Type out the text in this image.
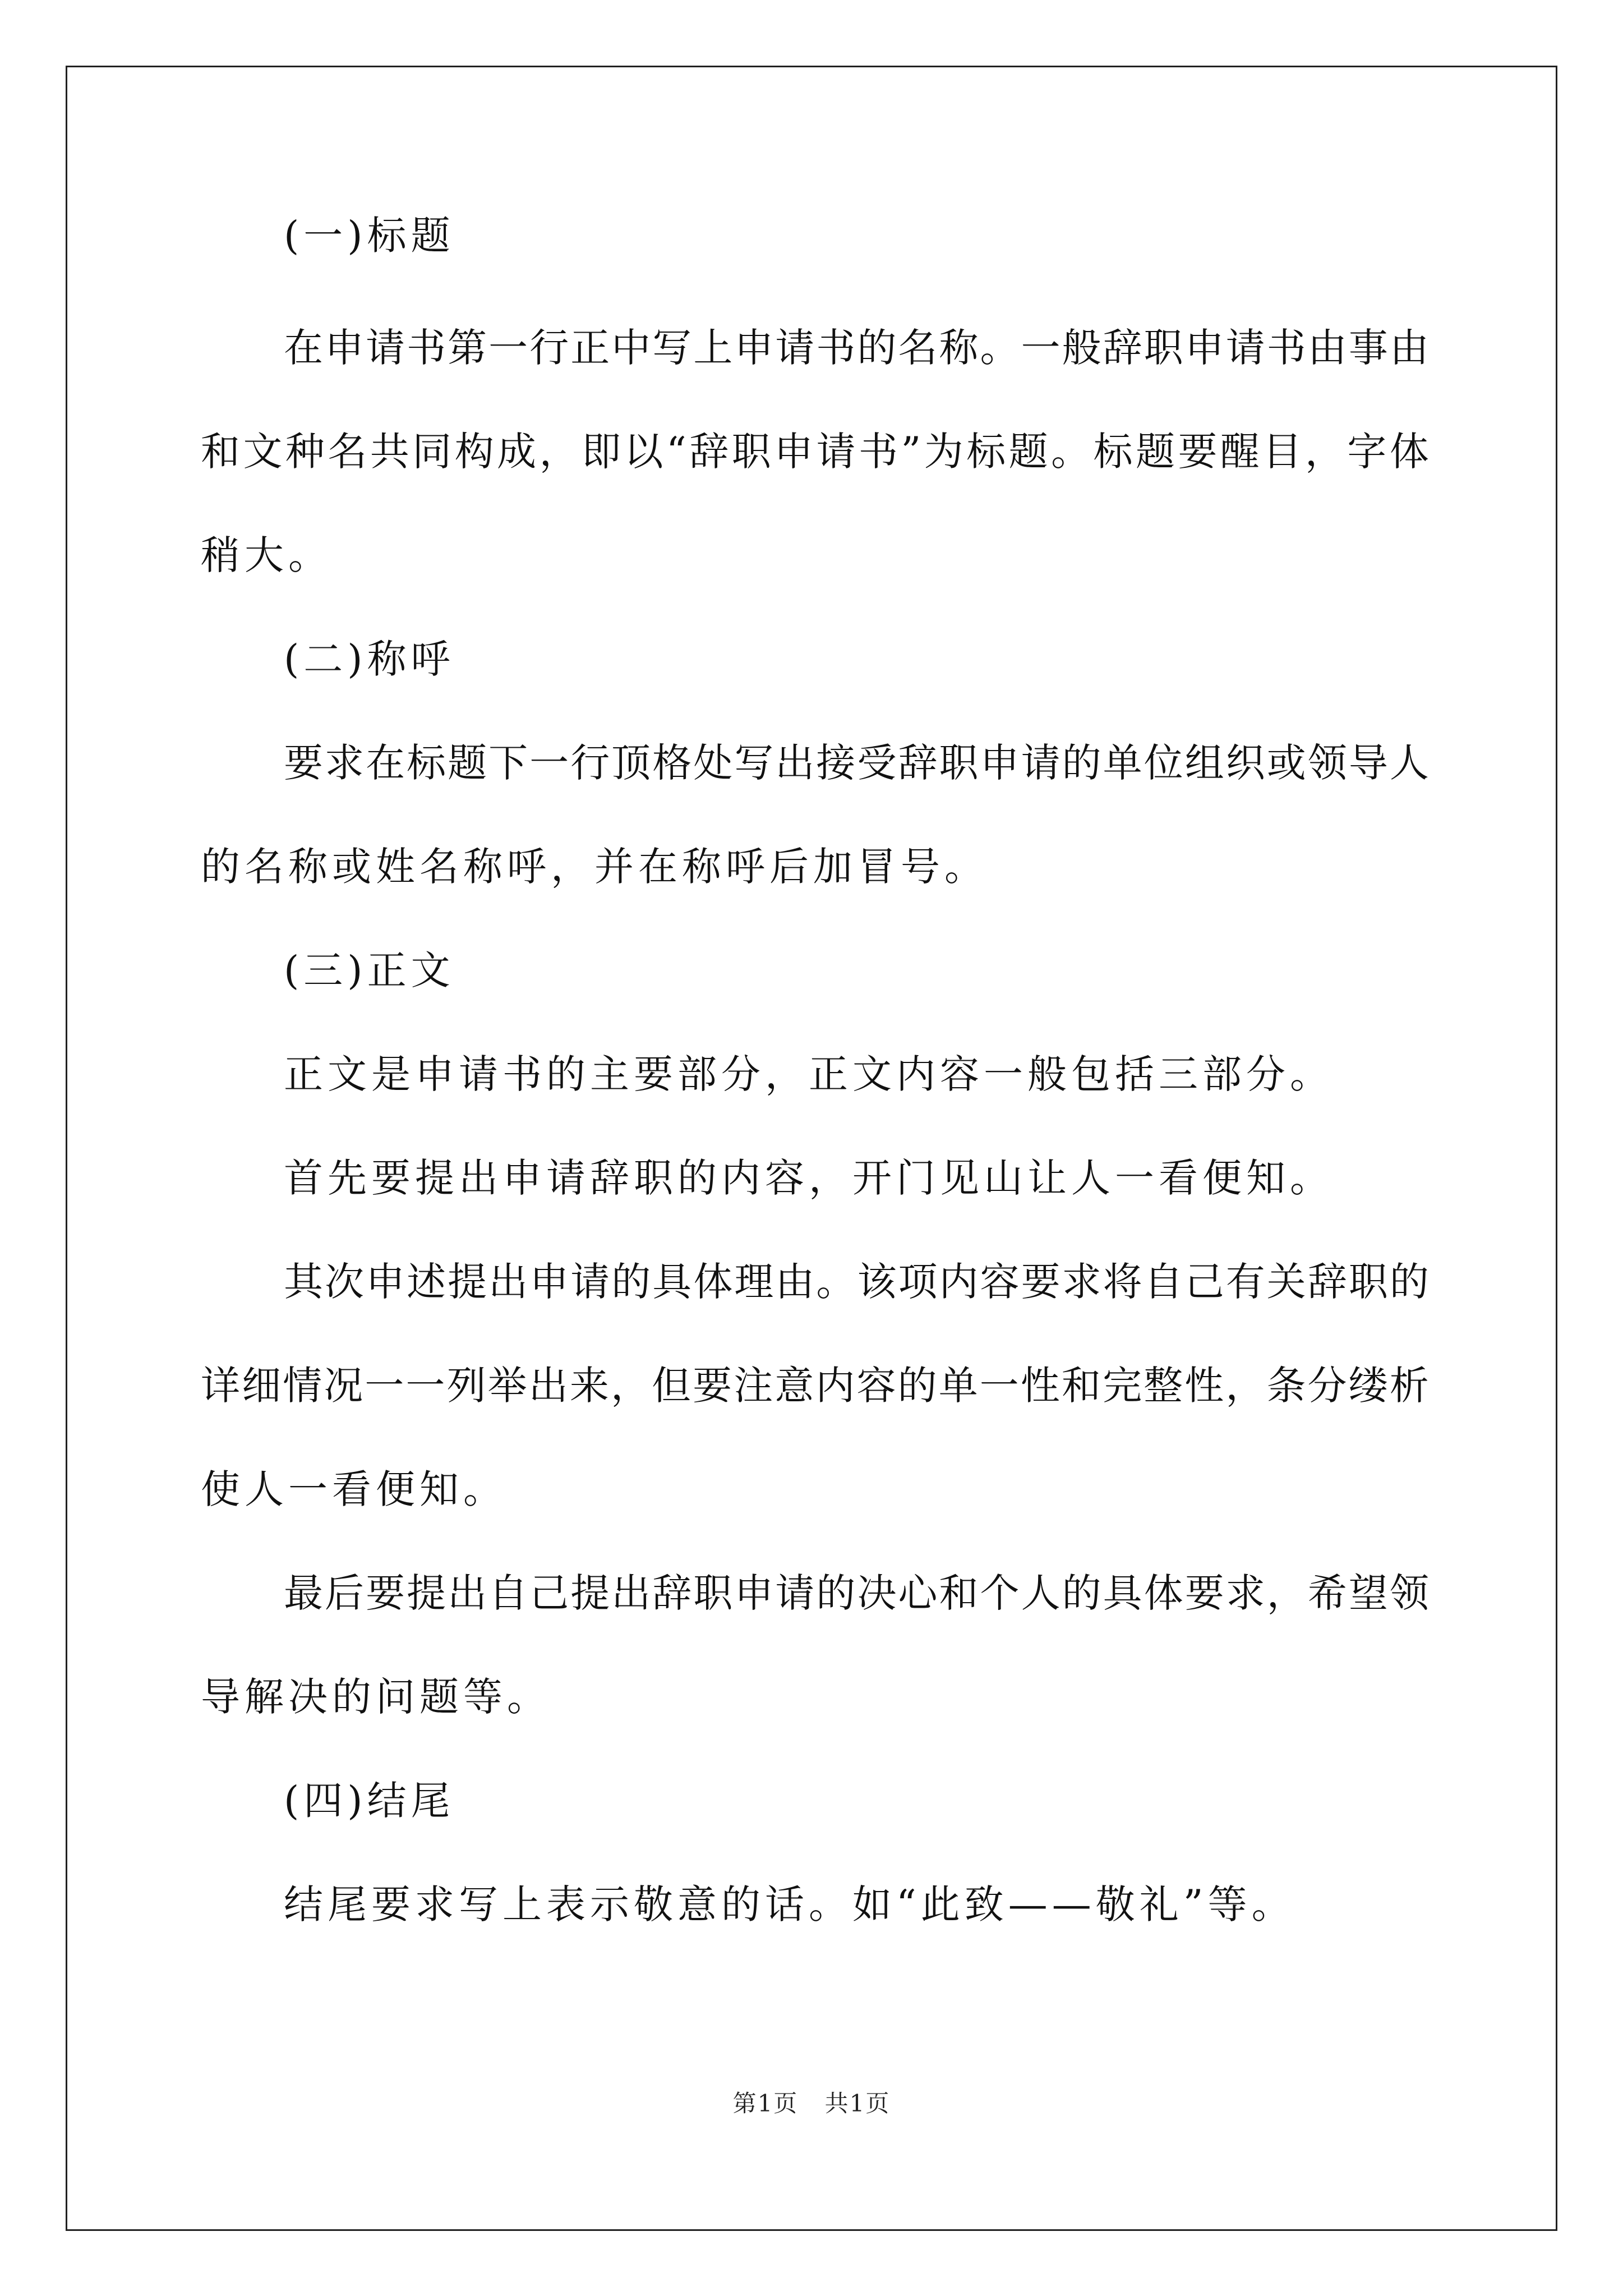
(一)标题
在 申 请 书 第 一 行 正 中 写 上 申 请 书 的 名 称 。 一 般 辞 职 申 请 书 由 事 由
和 文 种 名 共 同 构 成 ， 即 以 “ 辞 职 申 请 书 ” 为 标 题 。 标 题 要 醒 目 ， 字 体
稍大。
(二)称呼
要 求 在 标 题 下 一 行 顶 格 处 写 出 接 受 辞 职 申 请 的 单 位 组 织 或 领 导 人
的名称或姓名称呼，并在称呼后加冒号。
(三)正文
正文是申请书的主要部分，正文内容一般包括三部分。
首先要提出申请辞职的内容，开门见山让人一看便知。
其 次 申 述 提 出 申 请 的 具 体 理 由 。 该 项 内 容 要 求 将 自 己 有 关 辞 职 的
详 细 情 况 一 一 列 举 出 来 ， 但 要 注 意 内 容 的 单 一 性 和 完 整 性 ， 条 分 缕 析
使人一看便知。
最 后 要 提 出 自 己 提 出 辞 职 申 请 的 决 心 和 个 人 的 具 体 要 求 ， 希 望 领
导解决的问题等。
(四)结尾
结尾要求写上表示敬意的话。如“此致——敬礼”等。
第1页 共1页
